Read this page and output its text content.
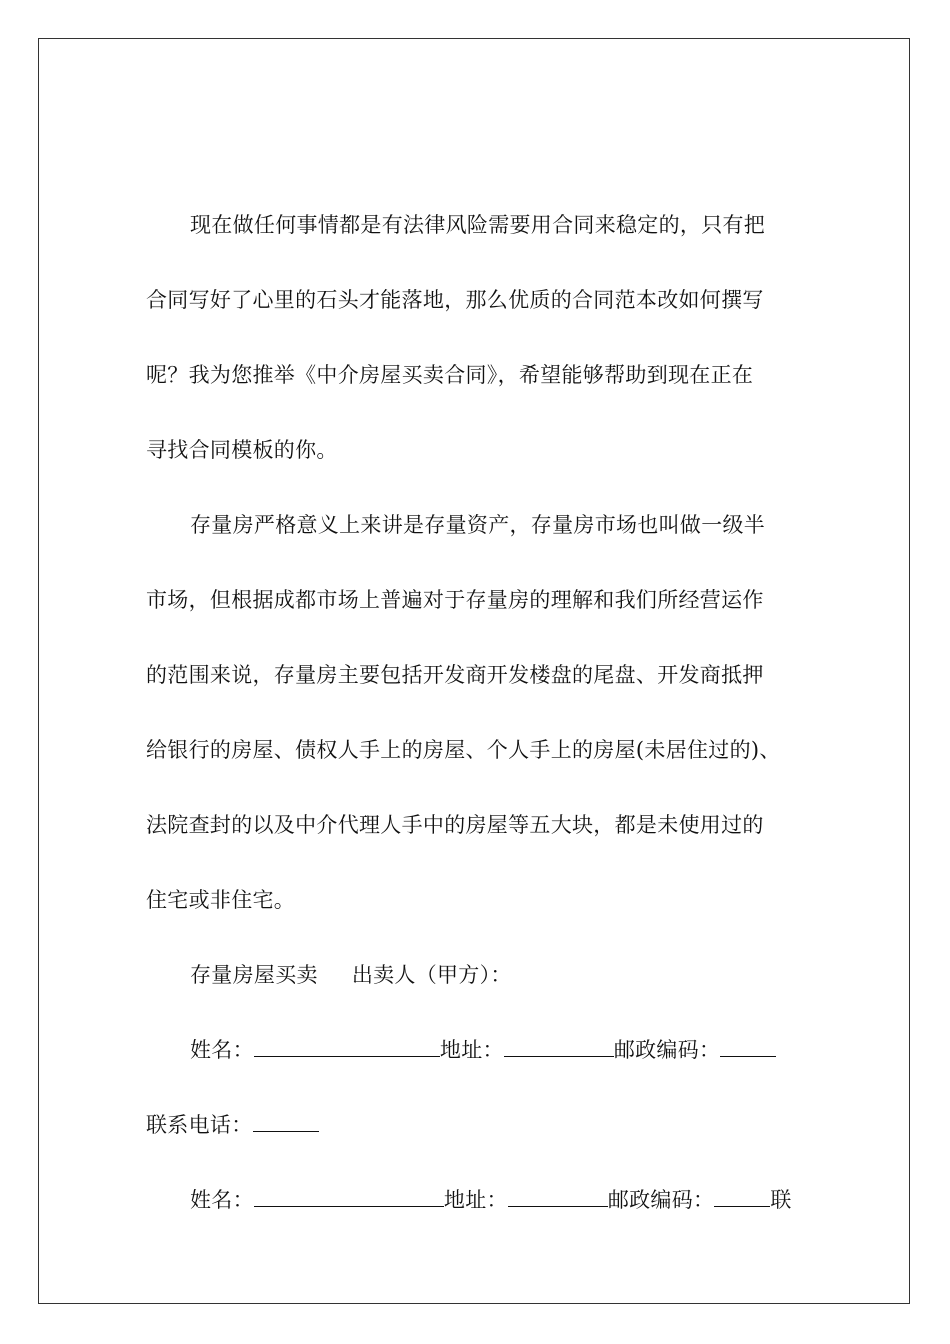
现在做任何事情都是有法律风险需要用合同来稳定的，只有把
合同写好了心里的石头才能落地，那么优质的合同范本改如何撰写
呢？我为您推举《中介房屋买卖合同》，希望能够帮助到现在正在
寻找合同模板的你。
存量房严格意义上来讲是存量资产，存量房市场也叫做一级半
市场，但根据成都市场上普遍对于存量房的理解和我们所经营运作
的范围来说，存量房主要包括开发商开发楼盘的尾盘、开发商抵押
给银行的房屋、债权人手上的房屋、个人手上的房屋(未居住过的)、
法院查封的以及中介代理人手中的房屋等五大块，都是未使用过的
住宅或非住宅。
存量房屋买卖 出卖人（甲方）：
姓名：	地址：	邮政编码：
联系电话：
姓名：	地址：	邮政编码：	联
